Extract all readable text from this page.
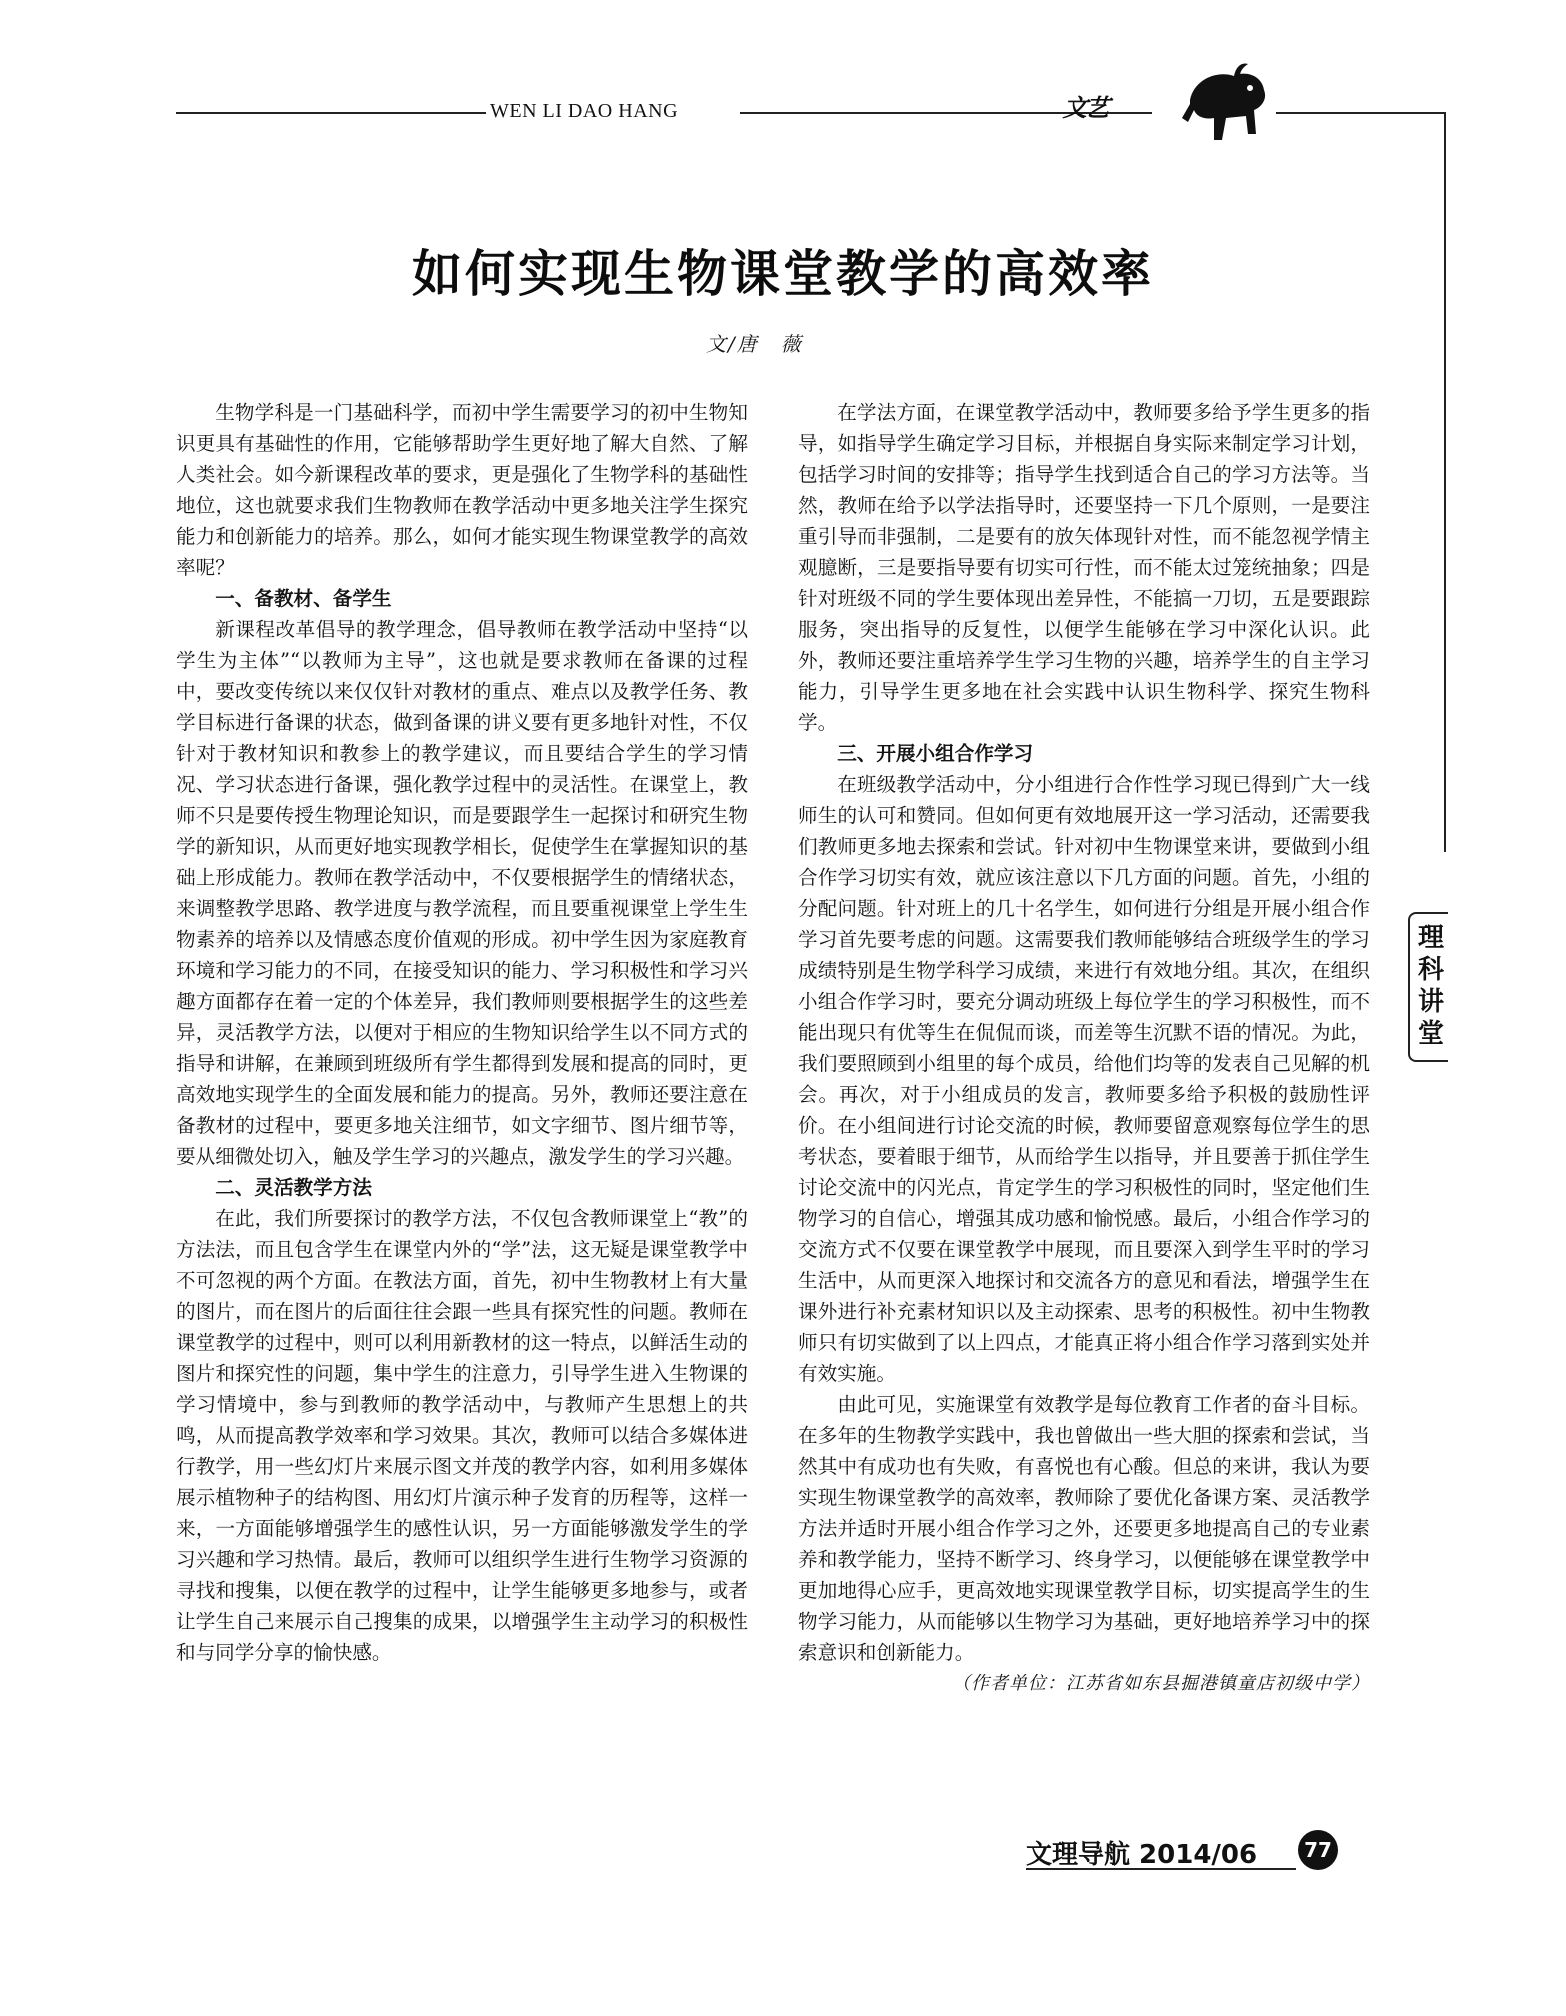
WEN LI DAO HANG	文艺
如何实现生物课堂教学的高效率
文/唐　薇

生物学科是一门基础科学，而初中学生需要学习的初中生物知识更具有基础性的作用，它能够帮助学生更好地了解大自然、了解人类社会。如今新课程改革的要求，更是强化了生物学科的基础性地位，这也就要求我们生物教师在教学活动中更多地关注学生探究能力和创新能力的培养。那么，如何才能实现生物课堂教学的高效率呢？

一、备教材、备学生

新课程改革倡导的教学理念，倡导教师在教学活动中坚持“以学生为主体”“以教师为主导”，这也就是要求教师在备课的过程中，要改变传统以来仅仅针对教材的重点、难点以及教学任务、教学目标进行备课的状态，做到备课的讲义要有更多地针对性，不仅针对于教材知识和教参上的教学建议，而且要结合学生的学习情况、学习状态进行备课，强化教学过程中的灵活性。在课堂上，教师不只是要传授生物理论知识，而是要跟学生一起探讨和研究生物学的新知识，从而更好地实现教学相长，促使学生在掌握知识的基础上形成能力。教师在教学活动中，不仅要根据学生的情绪状态，来调整教学思路、教学进度与教学流程，而且要重视课堂上学生生物素养的培养以及情感态度价值观的形成。初中学生因为家庭教育环境和学习能力的不同，在接受知识的能力、学习积极性和学习兴趣方面都存在着一定的个体差异，我们教师则要根据学生的这些差异，灵活教学方法，以便对于相应的生物知识给学生以不同方式的指导和讲解，在兼顾到班级所有学生都得到发展和提高的同时，更高效地实现学生的全面发展和能力的提高。另外，教师还要注意在备教材的过程中，要更多地关注细节，如文字细节、图片细节等，要从细微处切入，触及学生学习的兴趣点，激发学生的学习兴趣。

二、灵活教学方法

在此，我们所要探讨的教学方法，不仅包含教师课堂上“教”的方法法，而且包含学生在课堂内外的“学”法，这无疑是课堂教学中不可忽视的两个方面。在教法方面，首先，初中生物教材上有大量的图片，而在图片的后面往往会跟一些具有探究性的问题。教师在课堂教学的过程中，则可以利用新教材的这一特点，以鲜活生动的图片和探究性的问题，集中学生的注意力，引导学生进入生物课的学习情境中，参与到教师的教学活动中，与教师产生思想上的共鸣，从而提高教学效率和学习效果。其次，教师可以结合多媒体进行教学，用一些幻灯片来展示图文并茂的教学内容，如利用多媒体展示植物种子的结构图、用幻灯片演示种子发育的历程等，这样一来，一方面能够增强学生的感性认识，另一方面能够激发学生的学习兴趣和学习热情。最后，教师可以组织学生进行生物学习资源的寻找和搜集，以便在教学的过程中，让学生能够更多地参与，或者让学生自己来展示自己搜集的成果，以增强学生主动学习的积极性和与同学分享的愉快感。

在学法方面，在课堂教学活动中，教师要多给予学生更多的指导，如指导学生确定学习目标，并根据自身实际来制定学习计划，包括学习时间的安排等；指导学生找到适合自己的学习方法等。当然，教师在给予以学法指导时，还要坚持一下几个原则，一是要注重引导而非强制，二是要有的放矢体现针对性，而不能忽视学情主观臆断，三是要指导要有切实可行性，而不能太过笼统抽象；四是针对班级不同的学生要体现出差异性，不能搞一刀切，五是要跟踪服务，突出指导的反复性，以便学生能够在学习中深化认识。此外，教师还要注重培养学生学习生物的兴趣，培养学生的自主学习能力，引导学生更多地在社会实践中认识生物科学、探究生物科学。

三、开展小组合作学习

在班级教学活动中，分小组进行合作性学习现已得到广大一线师生的认可和赞同。但如何更有效地展开这一学习活动，还需要我们教师更多地去探索和尝试。针对初中生物课堂来讲，要做到小组合作学习切实有效，就应该注意以下几方面的问题。首先，小组的分配问题。针对班上的几十名学生，如何进行分组是开展小组合作学习首先要考虑的问题。这需要我们教师能够结合班级学生的学习成绩特别是生物学科学习成绩，来进行有效地分组。其次，在组织小组合作学习时，要充分调动班级上每位学生的学习积极性，而不能出现只有优等生在侃侃而谈，而差等生沉默不语的情况。为此，我们要照顾到小组里的每个成员，给他们均等的发表自己见解的机会。再次，对于小组成员的发言，教师要多给予积极的鼓励性评价。在小组间进行讨论交流的时候，教师要留意观察每位学生的思考状态，要着眼于细节，从而给学生以指导，并且要善于抓住学生讨论交流中的闪光点，肯定学生的学习积极性的同时，坚定他们生物学习的自信心，增强其成功感和愉悦感。最后，小组合作学习的交流方式不仅要在课堂教学中展现，而且要深入到学生平时的学习生活中，从而更深入地探讨和交流各方的意见和看法，增强学生在课外进行补充素材知识以及主动探索、思考的积极性。初中生物教师只有切实做到了以上四点，才能真正将小组合作学习落到实处并有效实施。

由此可见，实施课堂有效教学是每位教育工作者的奋斗目标。在多年的生物教学实践中，我也曾做出一些大胆的探索和尝试，当然其中有成功也有失败，有喜悦也有心酸。但总的来讲，我认为要实现生物课堂教学的高效率，教师除了要优化备课方案、灵活教学方法并适时开展小组合作学习之外，还要更多地提高自己的专业素养和教学能力，坚持不断学习、终身学习，以便能够在课堂教学中更加地得心应手，更高效地实现课堂教学目标，切实提高学生的生物学习能力，从而能够以生物学习为基础，更好地培养学习中的探索意识和创新能力。

（作者单位：江苏省如东县掘港镇童店初级中学）

理科讲堂
文理导航 2014/06	77
